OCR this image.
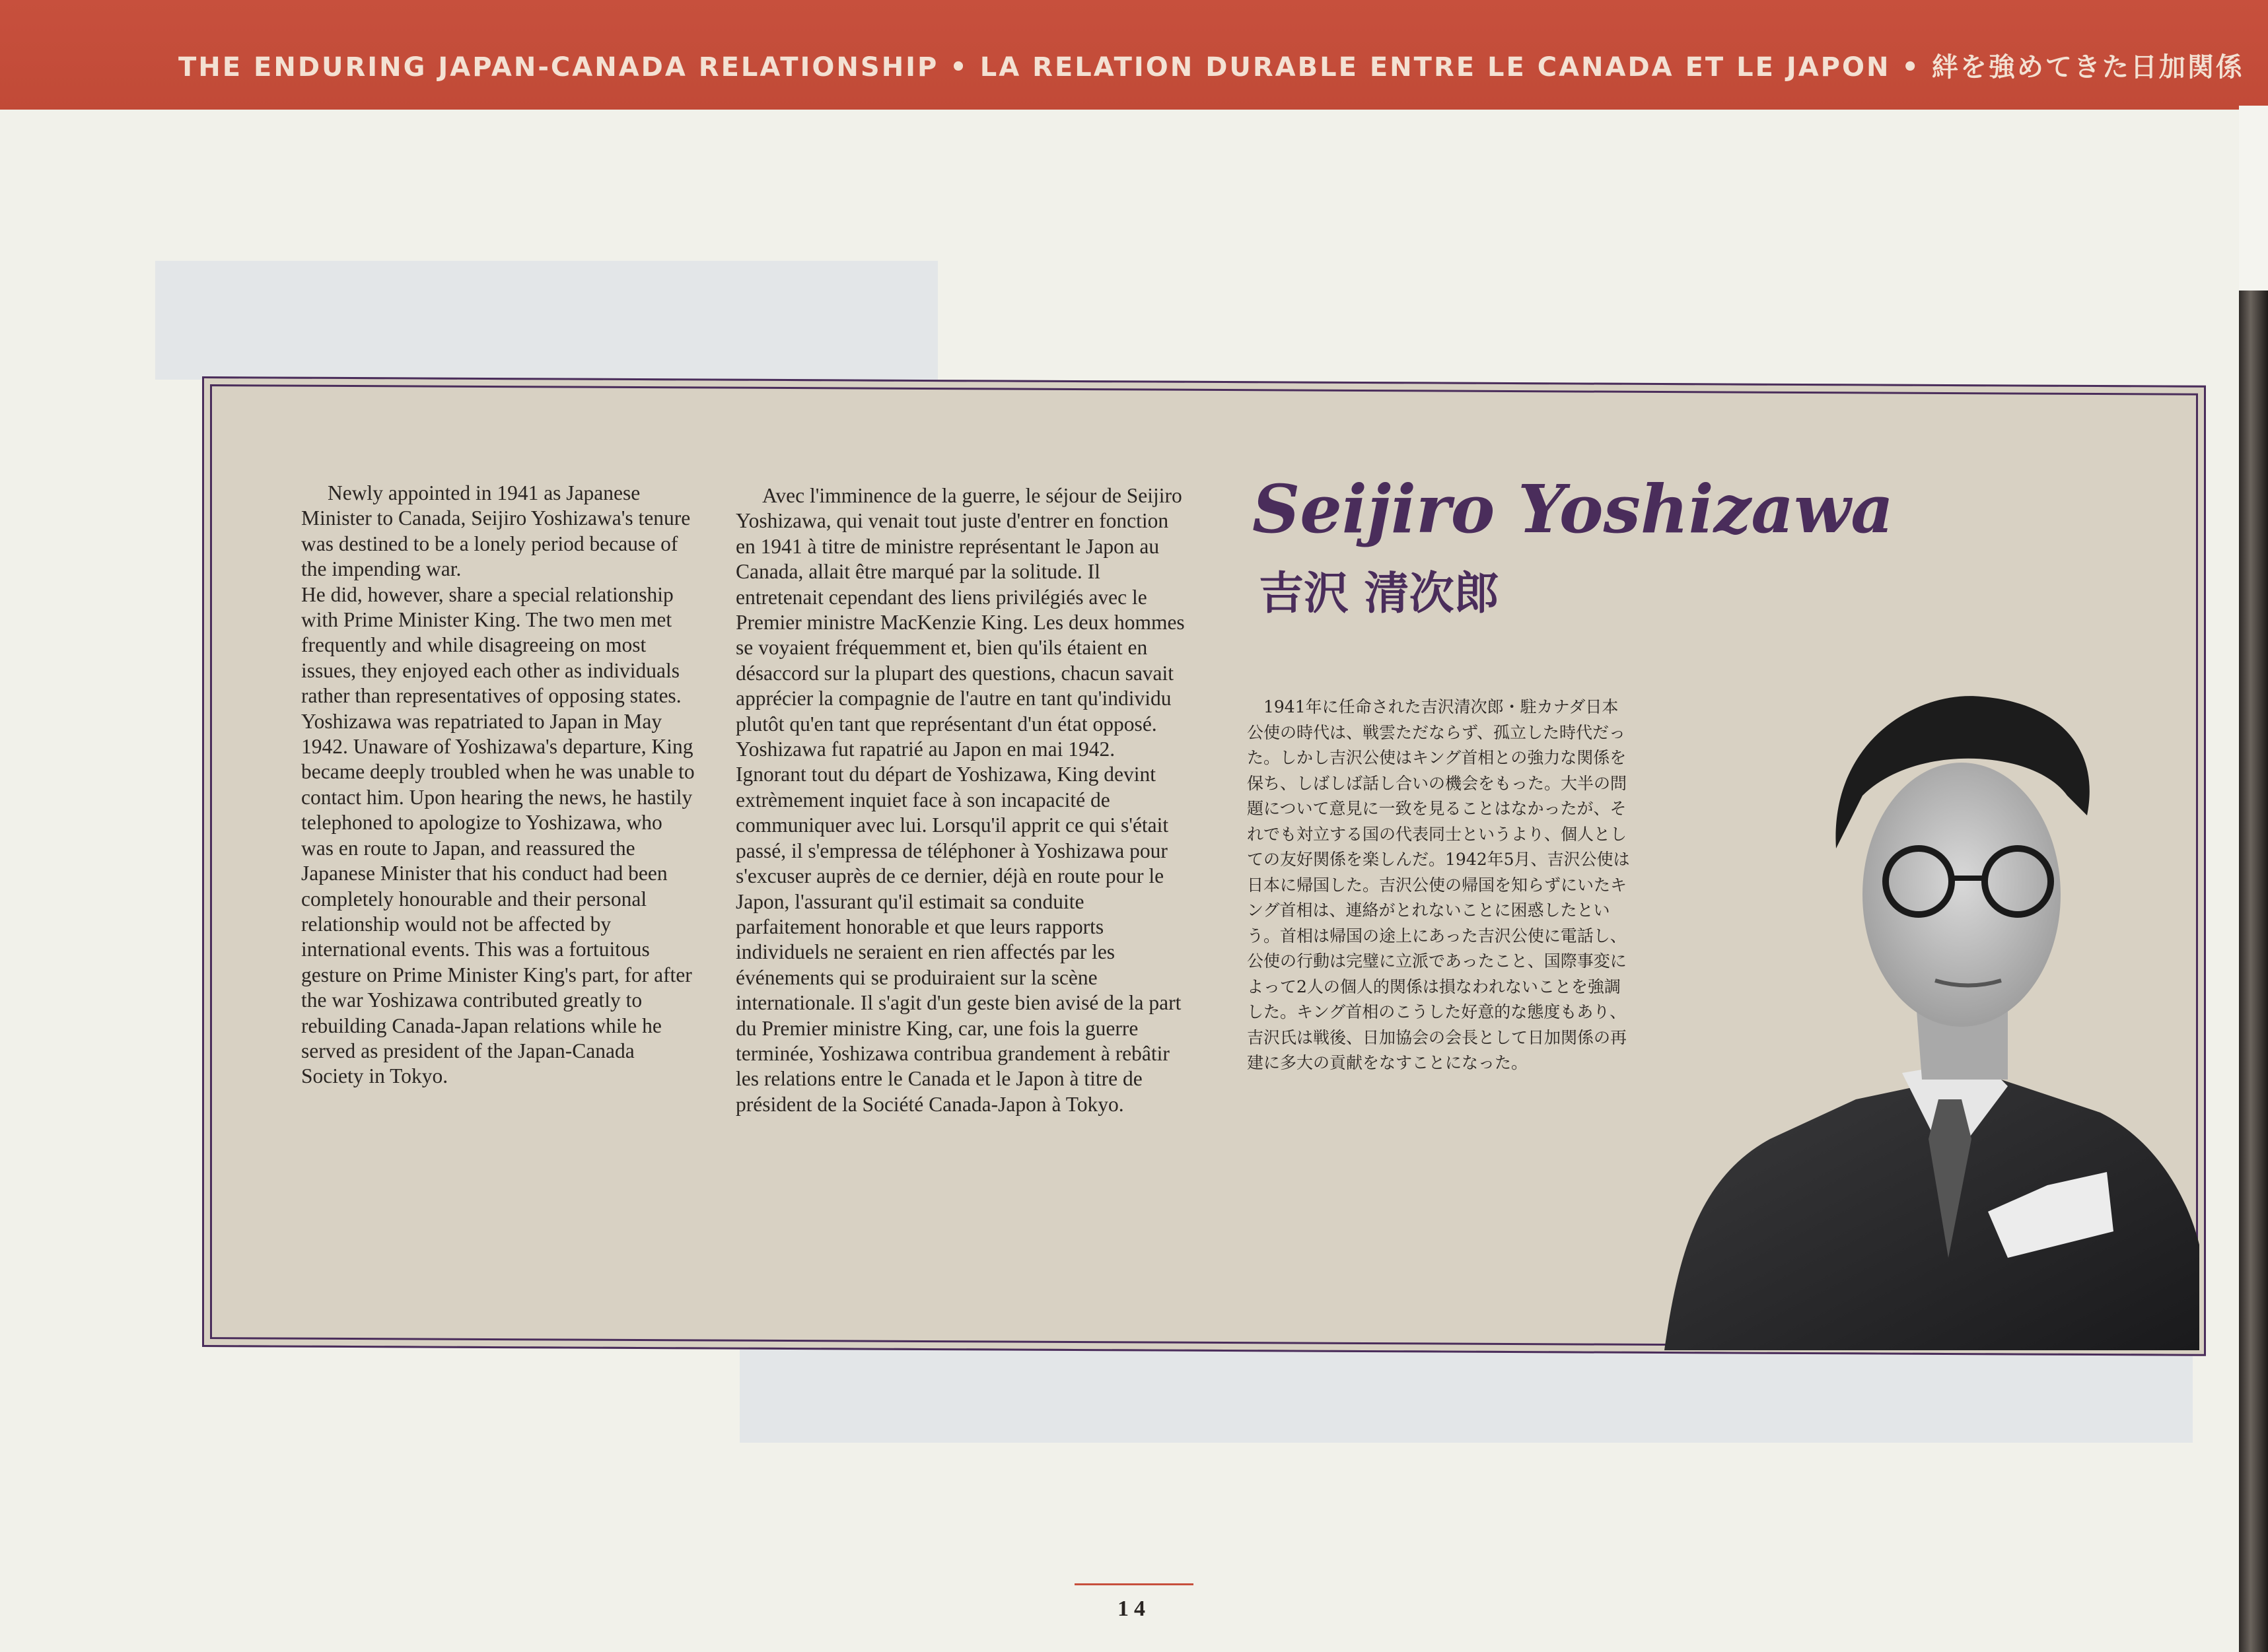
THE ENDURING JAPAN-CANADA RELATIONSHIP • LA RELATION DURABLE ENTRE LE CANADA ET LE JAPON • 絆を強めてきた日加関係

Newly appointed in 1941 as Japanese Minister to Canada, Seijiro Yoshizawa's tenure was destined to be a lonely period because of the impending war.

He did, however, share a special relationship with Prime Minister King. The two men met frequently and while disagreeing on most issues, they enjoyed each other as individuals rather than representatives of opposing states. Yoshizawa was repatriated to Japan in May 1942. Unaware of Yoshizawa's departure, King became deeply troubled when he was unable to contact him. Upon hearing the news, he hastily telephoned to apologize to Yoshizawa, who was en route to Japan, and reassured the Japanese Minister that his conduct had been completely honourable and their personal relationship would not be affected by international events. This was a fortuitous gesture on Prime Minister King's part, for after the war Yoshizawa contributed greatly to rebuilding Canada-Japan relations while he served as president of the Japan-Canada Society in Tokyo.

Avec l'imminence de la guerre, le séjour de Seijiro Yoshizawa, qui venait tout juste d'entrer en fonction en 1941 à titre de ministre représentant le Japon au Canada, allait être marqué par la solitude. Il entretenait cependant des liens privilégiés avec le Premier ministre MacKenzie King. Les deux hommes se voyaient fréquemment et, bien qu'ils étaient en désaccord sur la plupart des questions, chacun savait apprécier la compagnie de l'autre en tant qu'individu plutôt qu'en tant que représentant d'un état opposé. Yoshizawa fut rapatrié au Japon en mai 1942. Ignorant tout du départ de Yoshizawa, King devint extrèmement inquiet face à son incapacité de communiquer avec lui. Lorsqu'il apprit ce qui s'était passé, il s'empressa de téléphoner à Yoshizawa pour s'excuser auprès de ce dernier, déjà en route pour le Japon, l'assurant qu'il estimait sa conduite parfaitement honorable et que leurs rapports individuels ne seraient en rien affectés par les événements qui se produiraient sur la scène internationale. Il s'agit d'un geste bien avisé de la part du Premier ministre King, car, une fois la guerre terminée, Yoshizawa contribua grandement à rebâtir les relations entre le Canada et le Japon à titre de président de la Société Canada-Japon à Tokyo.

Seijiro Yoshizawa
吉沢 清次郎

1941年に任命された吉沢清次郎・駐カナダ日本公使の時代は、戦雲ただならず、孤立した時代だった。しかし吉沢公使はキング首相との強力な関係を保ち、しばしば話し合いの機会をもった。大半の問題について意見に一致を見ることはなかったが、それでも対立する国の代表同士というより、個人としての友好関係を楽しんだ。1942年5月、吉沢公使は日本に帰国した。吉沢公使の帰国を知らずにいたキング首相は、連絡がとれないことに困惑したという。首相は帰国の途上にあった吉沢公使に電話し、公使の行動は完璧に立派であったこと、国際事変によって2人の個人的関係は損なわれないことを強調した。キング首相のこうした好意的な態度もあり、吉沢氏は戦後、日加協会の会長として日加関係の再建に多大の貢献をなすことになった。

14
